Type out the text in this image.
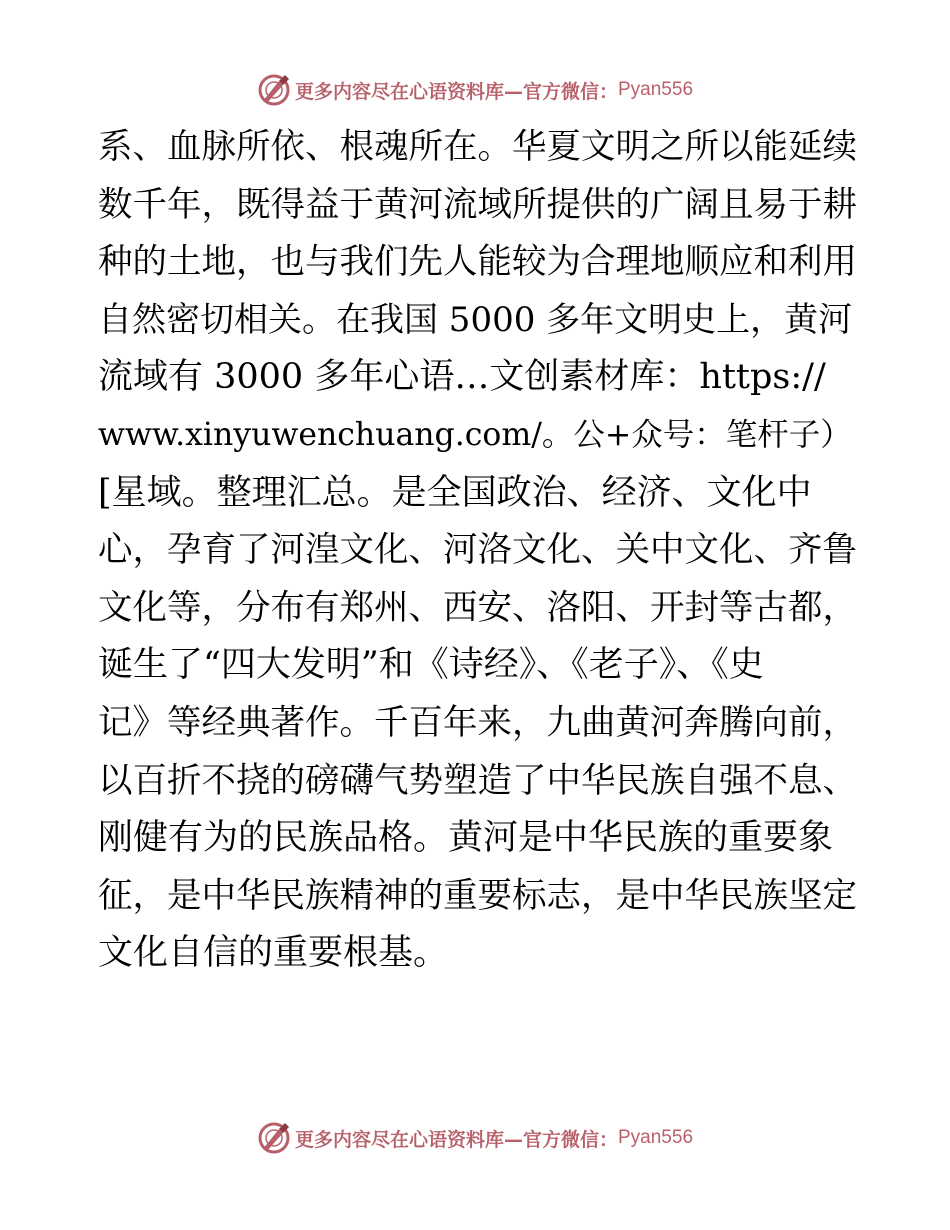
更多内容尽在心语资料库—官方微信： Pyan556
系、血脉所依、根魂所在。华夏文明之所以能延续
数千年，既得益于黄河流域所提供的广阔且易于耕
种的土地，也与我们先人能较为合理地顺应和利用
自然密切相关。在我国 5000 多年文明史上，黄河
流域有 3000 多年心语…文创素材库：https://
www.xinyuwenchuang.com/。公+众号：笔杆子）
[星域。整理汇总。是全国政治、经济、文化中
心，孕育了河湟文化、河洛文化、关中文化、齐鲁
文化等，分布有郑州、西安、洛阳、开封等古都，
诞生了“四大发明”和《诗经》、《老子》、《史
记》等经典著作。千百年来，九曲黄河奔腾向前，
以百折不挠的磅礴气势塑造了中华民族自强不息、
刚健有为的民族品格。黄河是中华民族的重要象
征，是中华民族精神的重要标志，是中华民族坚定
文化自信的重要根基。
更多内容尽在心语资料库—官方微信： Pyan556
